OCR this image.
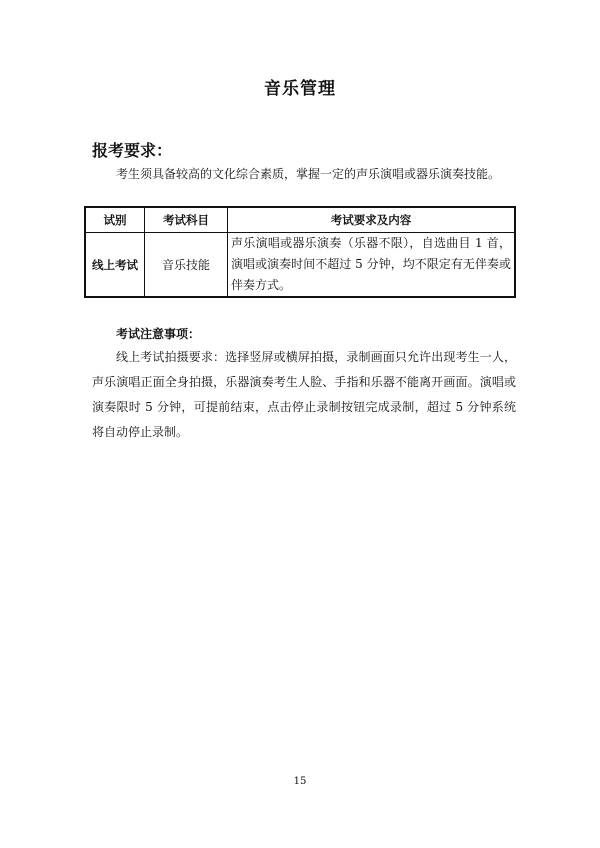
音乐管理
报考要求：
考生须具备较高的文化综合素质，掌握一定的声乐演唱或器乐演奏技能。
试别	考试科目	考试要求及内容
线上考试	音乐技能	声乐演唱或器乐演奏（乐器不限），自选曲目 1 首，演唱或演奏时间不超过 5 分钟，均不限定有无伴奏或伴奏方式。
考试注意事项：
线上考试拍摄要求：选择竖屏或横屏拍摄，录制画面只允许出现考生一人，声乐演唱正面全身拍摄，乐器演奏考生人脸、手指和乐器不能离开画面。演唱或演奏限时 5 分钟，可提前结束，点击停止录制按钮完成录制，超过 5 分钟系统将自动停止录制。
15
